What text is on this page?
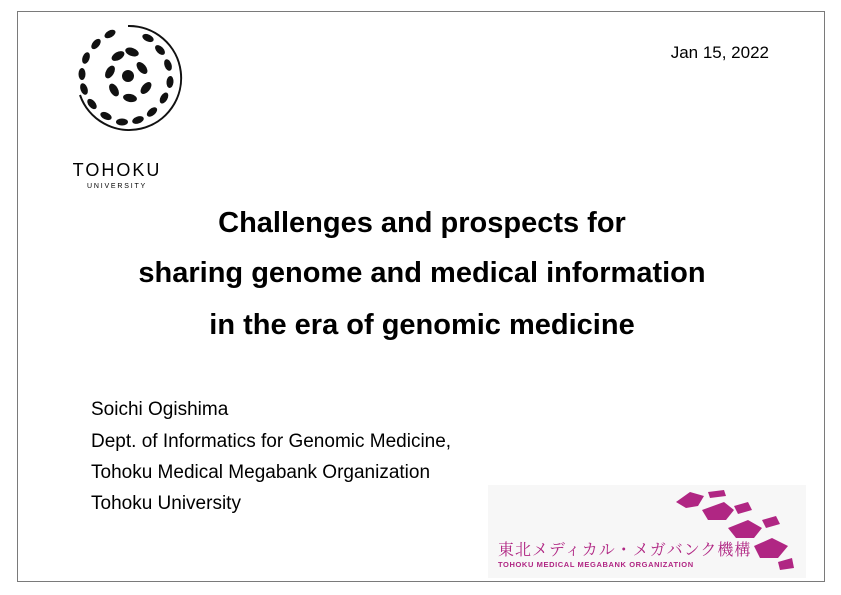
Jan 15, 2022
TOHOKU
UNIVERSITY
Challenges and prospects for
sharing genome and medical information
in the era of genomic medicine
Soichi Ogishima
Dept. of Informatics for Genomic Medicine,
Tohoku Medical Megabank Organization
Tohoku University
東北メディカル・メガバンク機構
TOHOKU MEDICAL MEGABANK ORGANIZATION
